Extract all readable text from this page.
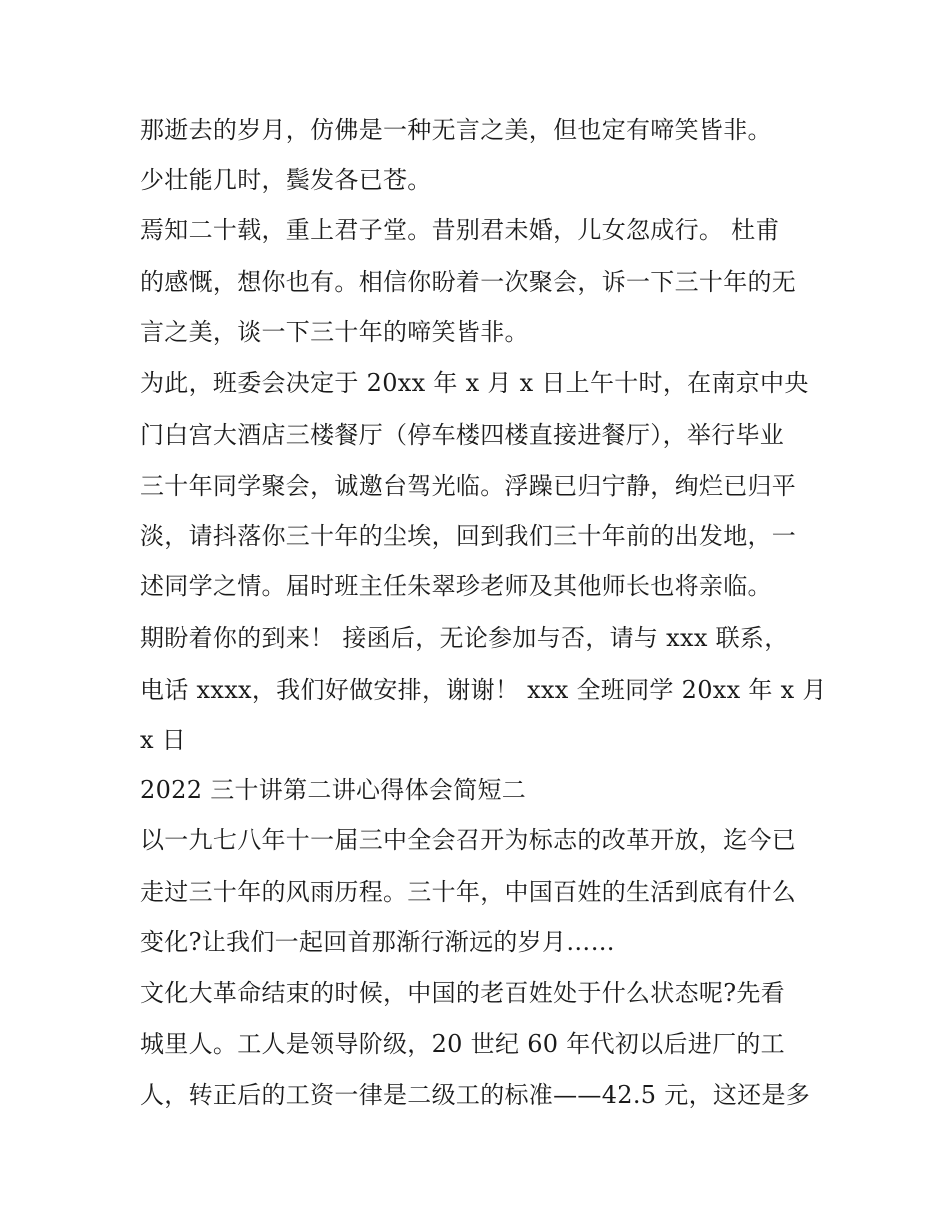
那逝去的岁月，仿佛是一种无言之美，但也定有啼笑皆非。
少壮能几时，鬓发各已苍。
焉知二十载，重上君子堂。昔别君未婚，儿女忽成行。 杜甫
的感慨，想你也有。相信你盼着一次聚会，诉一下三十年的无
言之美，谈一下三十年的啼笑皆非。
为此，班委会决定于 20xx 年 x 月 x 日上午十时，在南京中央
门白宫大酒店三楼餐厅（停车楼四楼直接进餐厅），举行毕业
三十年同学聚会，诚邀台驾光临。浮躁已归宁静，绚烂已归平
淡，请抖落你三十年的尘埃，回到我们三十年前的出发地，一
述同学之情。届时班主任朱翠珍老师及其他师长也将亲临。
期盼着你的到来！ 接函后，无论参加与否，请与 xxx 联系，
电话 xxxx，我们好做安排，谢谢！ xxx 全班同学 20xx 年 x 月
x 日
2022 三十讲第二讲心得体会简短二
以一九七八年十一届三中全会召开为标志的改革开放，迄今已
走过三十年的风雨历程。三十年，中国百姓的生活到底有什么
变化?让我们一起回首那渐行渐远的岁月……
文化大革命结束的时候，中国的老百姓处于什么状态呢?先看
城里人。工人是领导阶级，20 世纪 60 年代初以后进厂的工
人，转正后的工资一律是二级工的标准——42.5 元，这还是多
